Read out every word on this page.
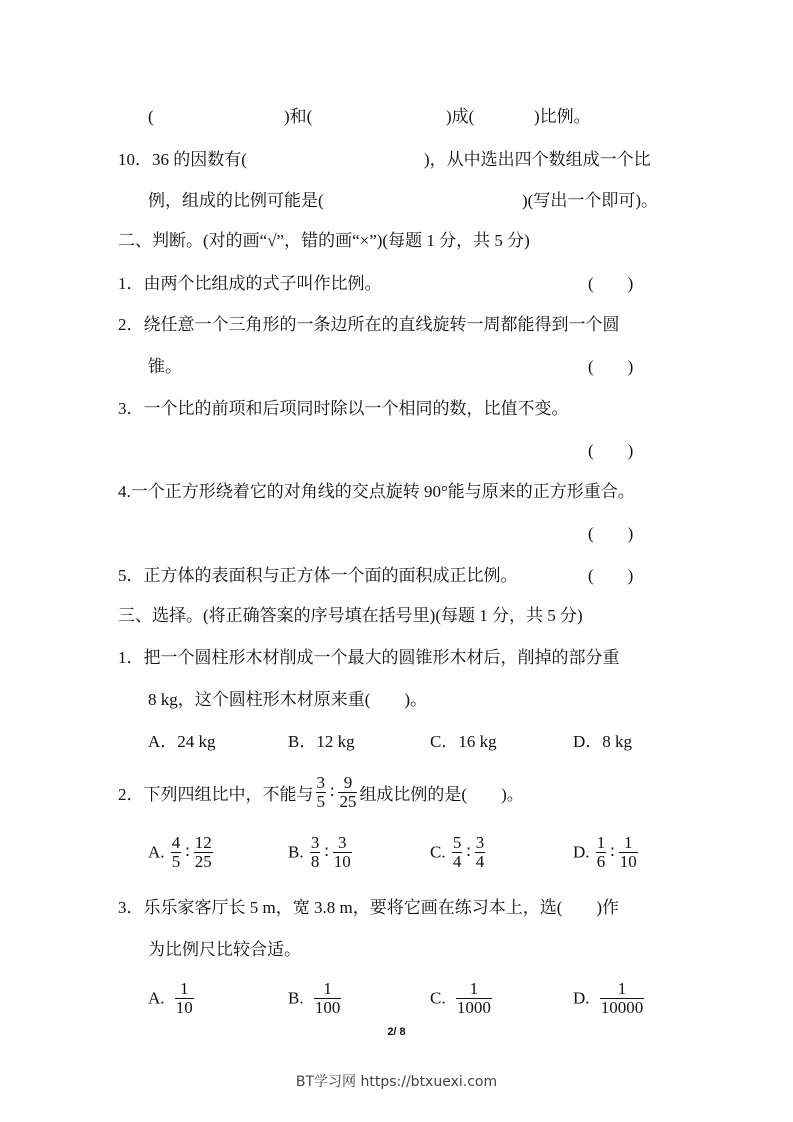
(	)和(	)成(	)比例。
10．36 的因数有(	)，从中选出四个数组成一个比
例，组成的比例可能是(	)(写出一个即可)。
二、判断。(对的画“√”，错的画“×”)(每题 1 分，共 5 分)
1．由两个比组成的式子叫作比例。	(　　)
2．绕任意一个三角形的一条边所在的直线旋转一周都能得到一个圆
锥。	(　　)
3．一个比的前项和后项同时除以一个相同的数，比值不变。
(　　)
4.一个正方形绕着它的对角线的交点旋转 90°能与原来的正方形重合。
(　　)
5．正方体的表面积与正方体一个面的面积成正比例。	(　　)
三、选择。(将正确答案的序号填在括号里)(每题 1 分，共 5 分)
1．把一个圆柱形木材削成一个最大的圆锥形木材后，削掉的部分重
8 kg，这个圆柱形木材原来重(　　)。
A．24 kg	B．12 kg	C．16 kg	D．8 kg
2．下列四组比中，不能与 $\frac{3}{5}$ ∶ $\frac{9}{25}$ 组成比例的是(　　)。
A. $\frac{4}{5}$ ∶ $\frac{12}{25}$	B. $\frac{3}{8}$ ∶ $\frac{3}{10}$	C. $\frac{5}{4}$ ∶ $\frac{3}{4}$	D. $\frac{1}{6}$ ∶ $\frac{1}{10}$
3．乐乐家客厅长 5 m，宽 3.8 m，要将它画在练习本上，选(　　)作
为比例尺比较合适。
A. $\frac{1}{10}$	B. $\frac{1}{100}$	C. $\frac{1}{1000}$	D. $\frac{1}{10000}$
2/ 8
BT学习网 https://btxuexi.com
